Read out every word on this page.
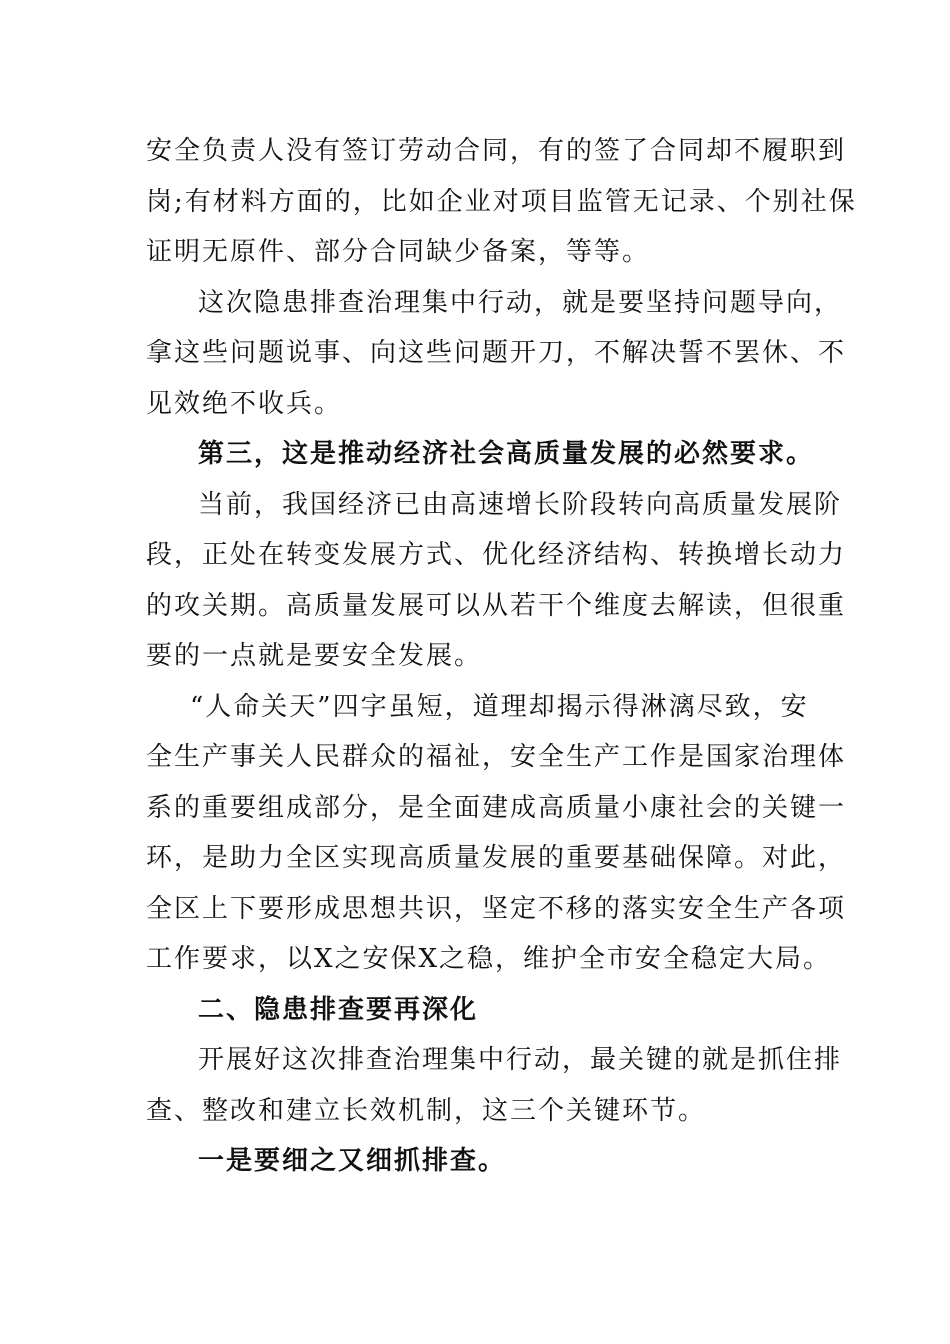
安全负责人没有签订劳动合同，有的签了合同却不履职到
岗;有材料方面的，比如企业对项目监管无记录、个别社保
证明无原件、部分合同缺少备案，等等。
这次隐患排查治理集中行动，就是要坚持问题导向，
拿这些问题说事、向这些问题开刀，不解决誓不罢休、不
见效绝不收兵。
第三，这是推动经济社会高质量发展的必然要求。
当前，我国经济已由高速增长阶段转向高质量发展阶
段，正处在转变发展方式、优化经济结构、转换增长动力
的攻关期。高质量发展可以从若干个维度去解读，但很重
要的一点就是要安全发展。
“人命关天”四字虽短，道理却揭示得淋漓尽致，安
全生产事关人民群众的福祉，安全生产工作是国家治理体
系的重要组成部分，是全面建成高质量小康社会的关键一
环，是助力全区实现高质量发展的重要基础保障。对此，
全区上下要形成思想共识，坚定不移的落实安全生产各项
工作要求，以X之安保X之稳，维护全市安全稳定大局。
二、隐患排查要再深化
开展好这次排查治理集中行动，最关键的就是抓住排
查、整改和建立长效机制，这三个关键环节。
一是要细之又细抓排查。
